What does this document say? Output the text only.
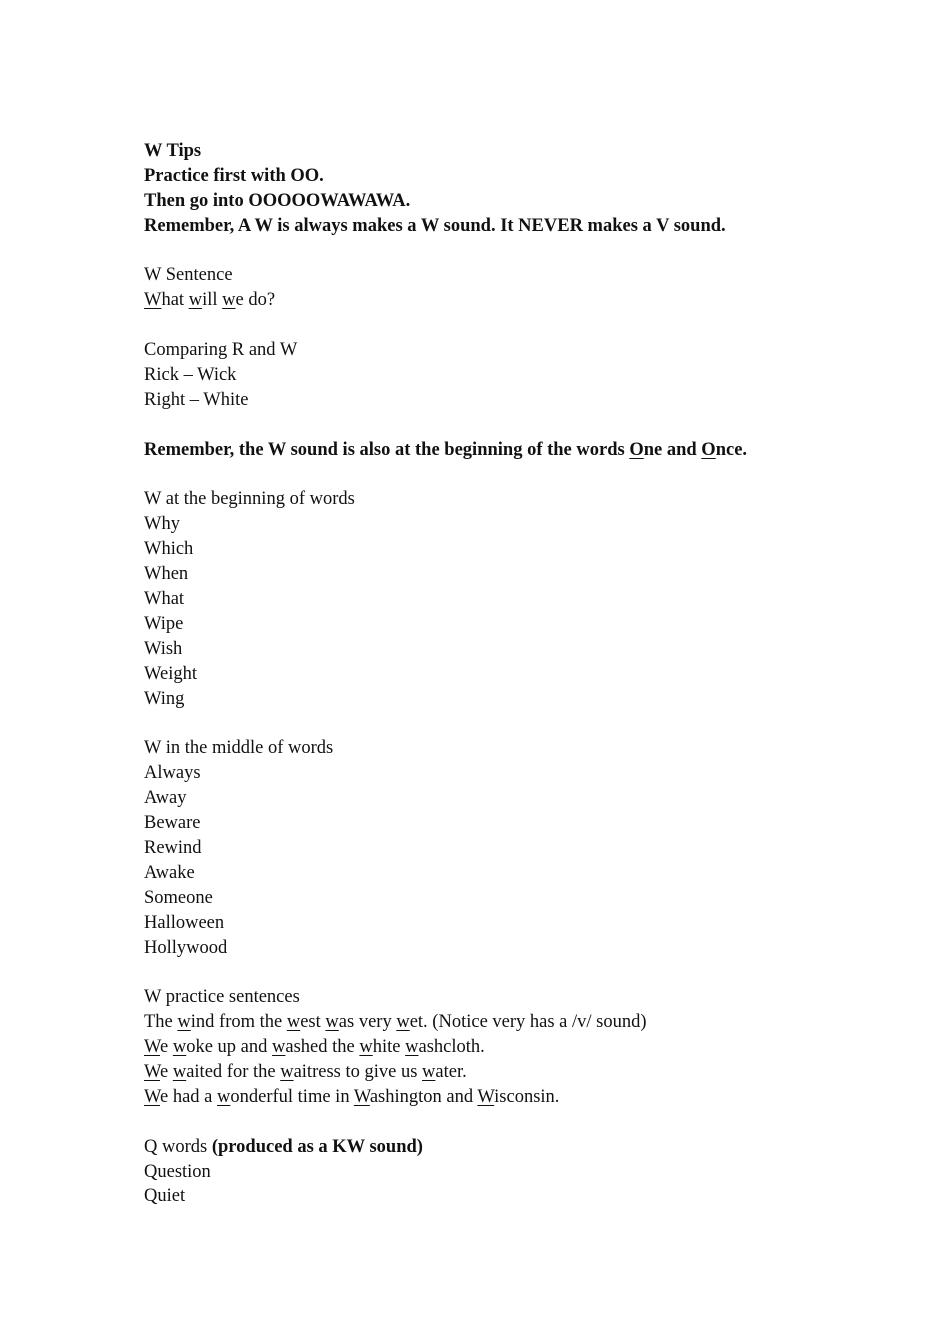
W Tips
Practice first with OO.
Then go into OOOOOWAWAWA.
Remember, A W is always makes a W sound. It NEVER makes a V sound.
W Sentence
What will we do?
Comparing R and W
Rick – Wick
Right – White
Remember, the W sound is also at the beginning of the words One and Once.
W at the beginning of words
Why
Which
When
What
Wipe
Wish
Weight
Wing
W in the middle of words
Always
Away
Beware
Rewind
Awake
Someone
Halloween
Hollywood
W practice sentences
The wind from the west was very wet. (Notice very has a /v/ sound)
We woke up and washed the white washcloth.
We waited for the waitress to give us water.
We had a wonderful time in Washington and Wisconsin.
Q words (produced as a KW sound)
Question
Quiet
